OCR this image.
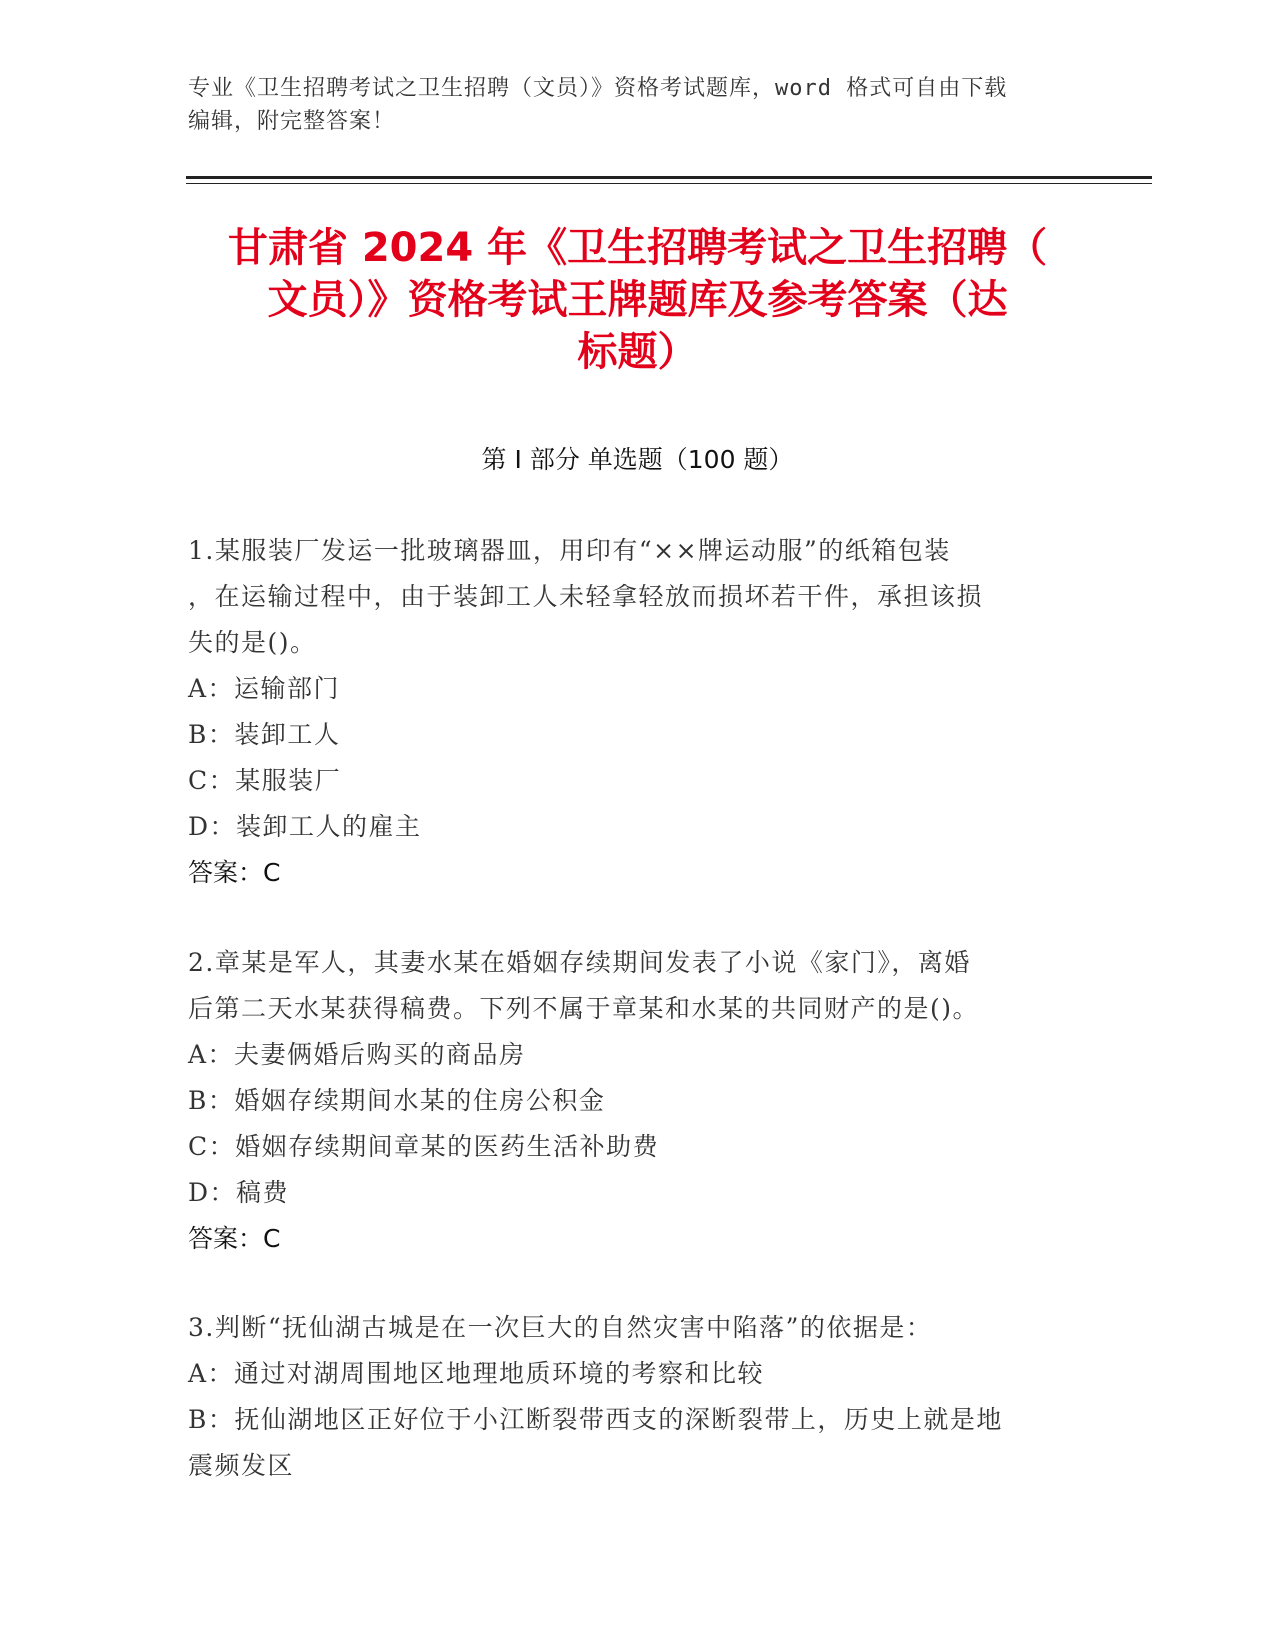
专业《卫生招聘考试之卫生招聘（文员）》资格考试题库，word 格式可自由下载
编辑，附完整答案！
甘肃省 2024 年《卫生招聘考试之卫生招聘（
文员）》资格考试王牌题库及参考答案（达
标题）
第 I 部分 单选题（100 题）
1.某服装厂发运一批玻璃器皿，用印有“××牌运动服”的纸箱包装
，在运输过程中，由于装卸工人未轻拿轻放而损坏若干件，承担该损
失的是()。
A：运输部门
B：装卸工人
C：某服装厂
D：装卸工人的雇主
答案：C
2.章某是军人，其妻水某在婚姻存续期间发表了小说《家门》，离婚
后第二天水某获得稿费。下列不属于章某和水某的共同财产的是()。
A：夫妻俩婚后购买的商品房
B：婚姻存续期间水某的住房公积金
C：婚姻存续期间章某的医药生活补助费
D：稿费
答案：C
3.判断“抚仙湖古城是在一次巨大的自然灾害中陷落”的依据是：
A：通过对湖周围地区地理地质环境的考察和比较
B：抚仙湖地区正好位于小江断裂带西支的深断裂带上，历史上就是地
震频发区
